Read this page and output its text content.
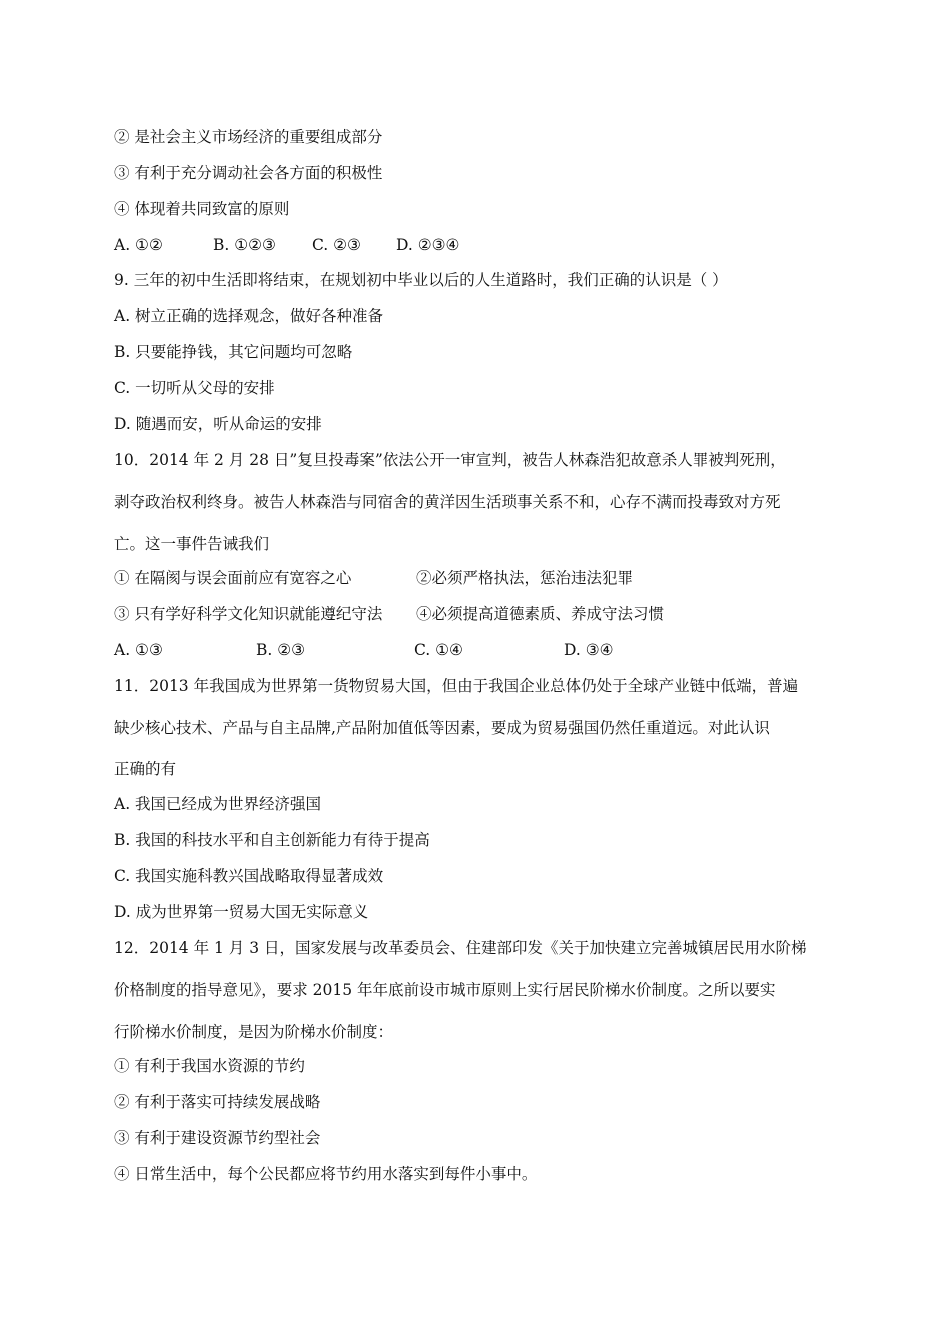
② 是社会主义市场经济的重要组成部分
③ 有利于充分调动社会各方面的积极性
④ 体现着共同致富的原则
A. ①②	B. ①②③ C. ②③ D. ②③④
9. 三年的初中生活即将结束，在规划初中毕业以后的人生道路时，我们正确的认识是（ ）
A. 树立正确的选择观念，做好各种准备
B. 只要能挣钱，其它问题均可忽略
C. 一切听从父母的安排
D. 随遇而安，听从命运的安排
10．2014 年 2 月 28 日”复旦投毒案”依法公开一审宣判，被告人林森浩犯故意杀人罪被判死刑，
剥夺政治权利终身。被告人林森浩与同宿舍的黄洋因生活琐事关系不和，心存不满而投毒致对方死
亡。这一事件告诫我们
① 在隔阂与误会面前应有宽容之心	②必须严格执法，惩治违法犯罪
③ 只有学好科学文化知识就能遵纪守法 ④必须提高道德素质、养成守法习惯
A. ①③	B. ②③	C. ①④	D. ③④
11．2013 年我国成为世界第一货物贸易大国，但由于我国企业总体仍处于全球产业链中低端，普遍
缺少核心技术、产品与自主品牌,产品附加值低等因素，要成为贸易强国仍然任重道远。对此认识
正确的有
A. 我国已经成为世界经济强国
B. 我国的科技水平和自主创新能力有待于提高
C. 我国实施科教兴国战略取得显著成效
D. 成为世界第一贸易大国无实际意义
12．2014 年 1 月 3 日，国家发展与改革委员会、住建部印发《关于加快建立完善城镇居民用水阶梯
价格制度的指导意见》，要求 2015 年年底前设市城市原则上实行居民阶梯水价制度。之所以要实
行阶梯水价制度，是因为阶梯水价制度：
① 有利于我国水资源的节约
② 有利于落实可持续发展战略
③ 有利于建设资源节约型社会
④ 日常生活中，每个公民都应将节约用水落实到每件小事中。
